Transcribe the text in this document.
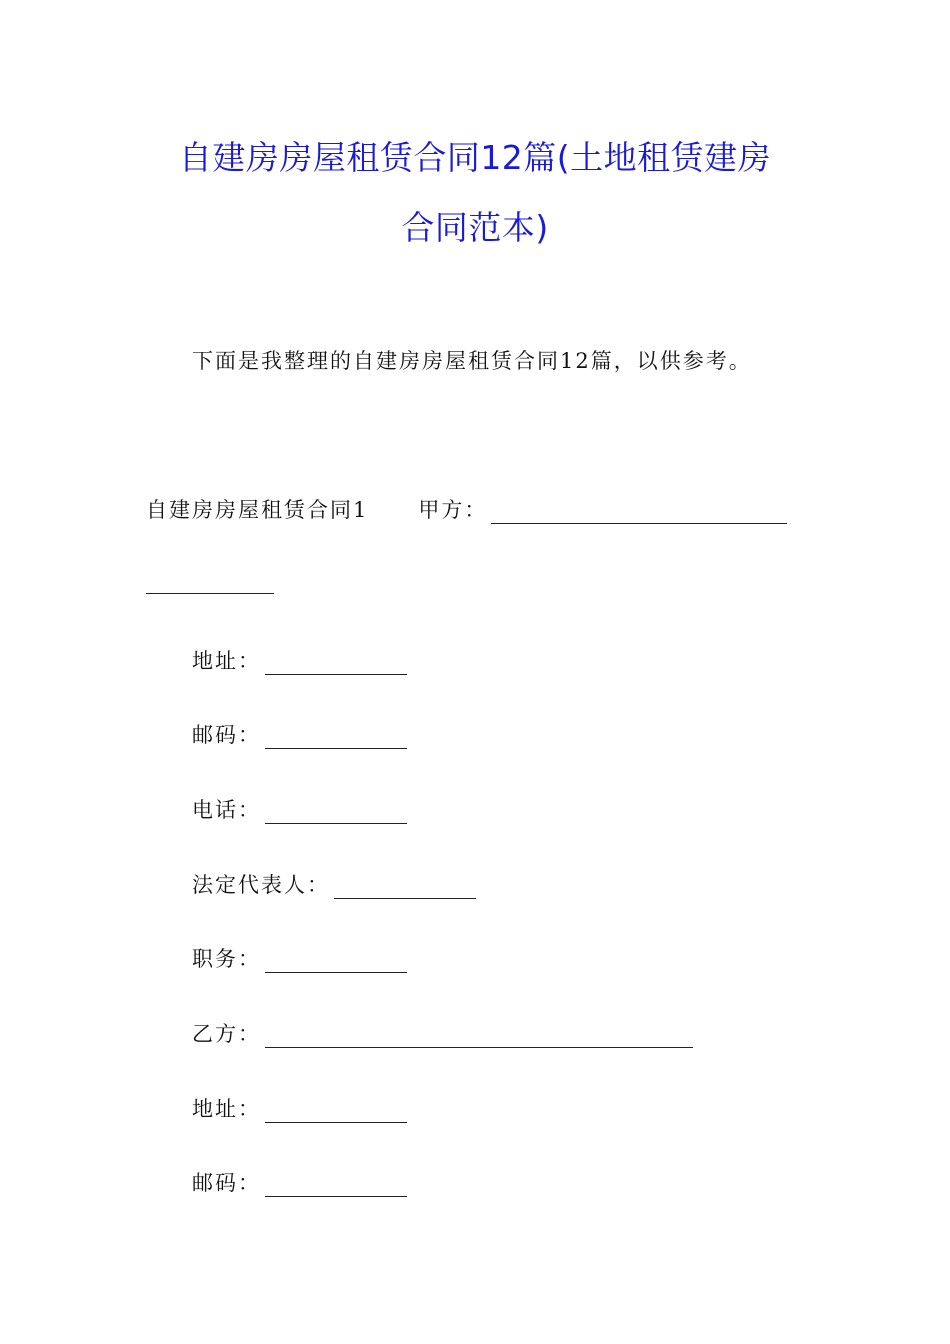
自建房房屋租赁合同12篇(土地租赁建房
合同范本)
下面是我整理的自建房房屋租赁合同12篇，以供参考。
自建房房屋租赁合同1 甲方：
地址：
邮码：
电话：
法定代表人：
职务：
乙方：
地址：
邮码：
